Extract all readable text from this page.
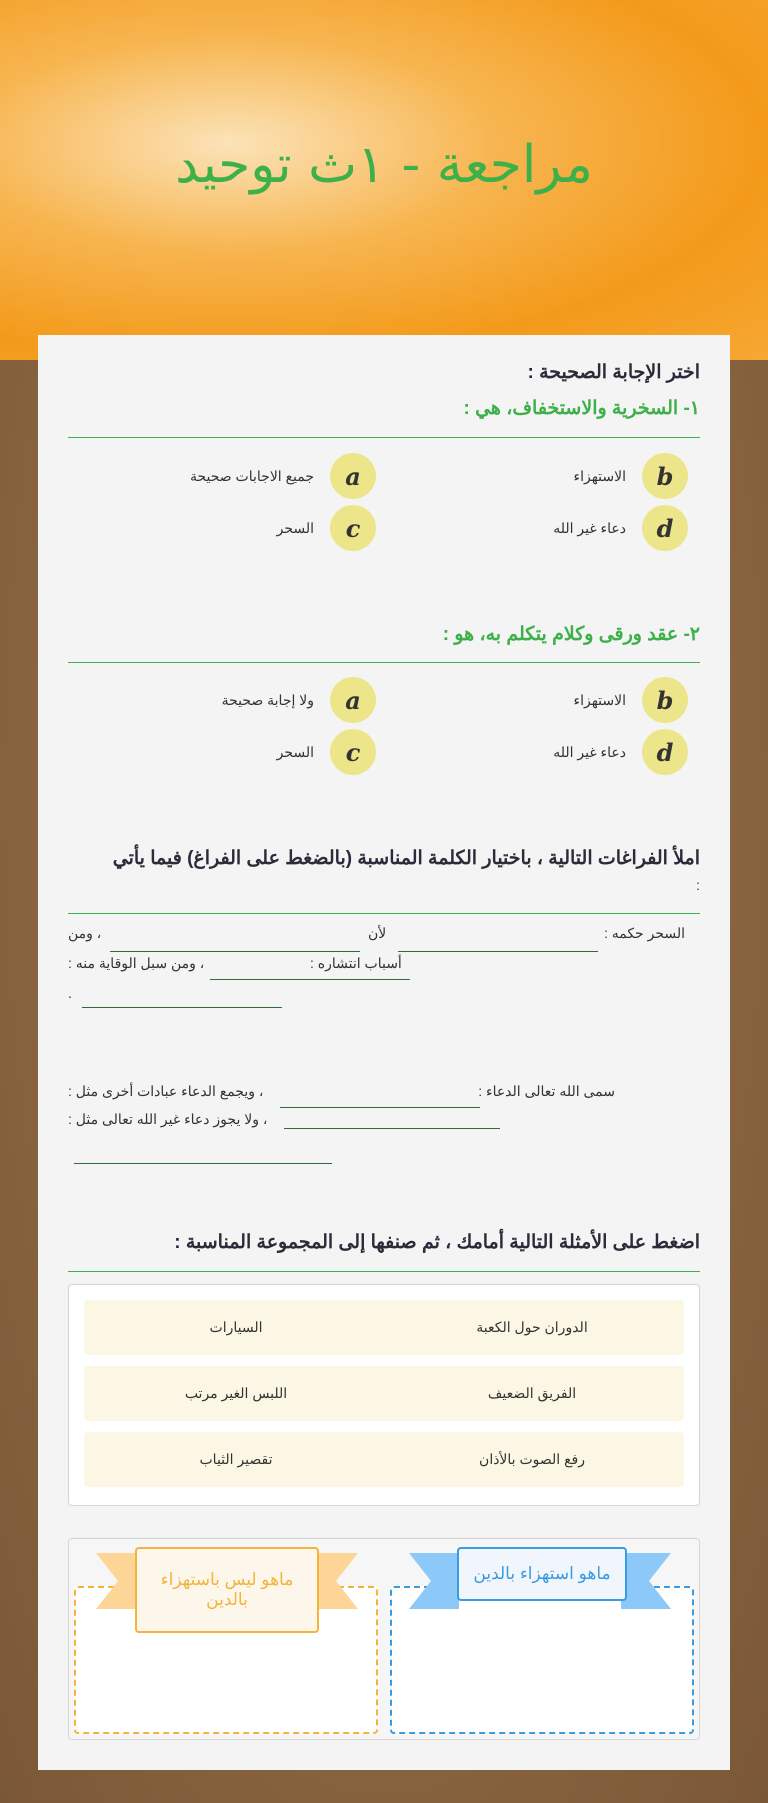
مراجعة - ١ث توحيد
اختر الإجابة الصحيحة :
١- السخرية والاستخفاف، هي :
a
جميع الاجابات صحيحة	b
الاستهزاء
c
السحر	d
دعاء غير الله
٢- عقد ورقى وكلام يتكلم به، هو :
a
ولا إجابة صحيحة	b
الاستهزاء
c
السحر	d
دعاء غير الله
املأ الفراغات التالية ، باختيار الكلمة المناسبة (بالضغط على الفراغ) فيما يأتي
:
السحر حكمه :
لأن
، ومن
أسباب انتشاره :
، ومن سبل الوقاية منه :
.
سمى الله تعالى الدعاء :
، ويجمع الدعاء عبادات أخرى مثل :
، ولا يجوز دعاء غير الله تعالى مثل :
اضغط على الأمثلة التالية أمامك ، ثم صنفها إلى المجموعة المناسبة :
الدوران حول الكعبة
السيارات
الفريق الضعيف
اللبس الغير مرتب
رفع الصوت بالأذان
تقصير الثياب
ماهو استهزاء بالدين
ماهو ليس باستهزاء بالدين
